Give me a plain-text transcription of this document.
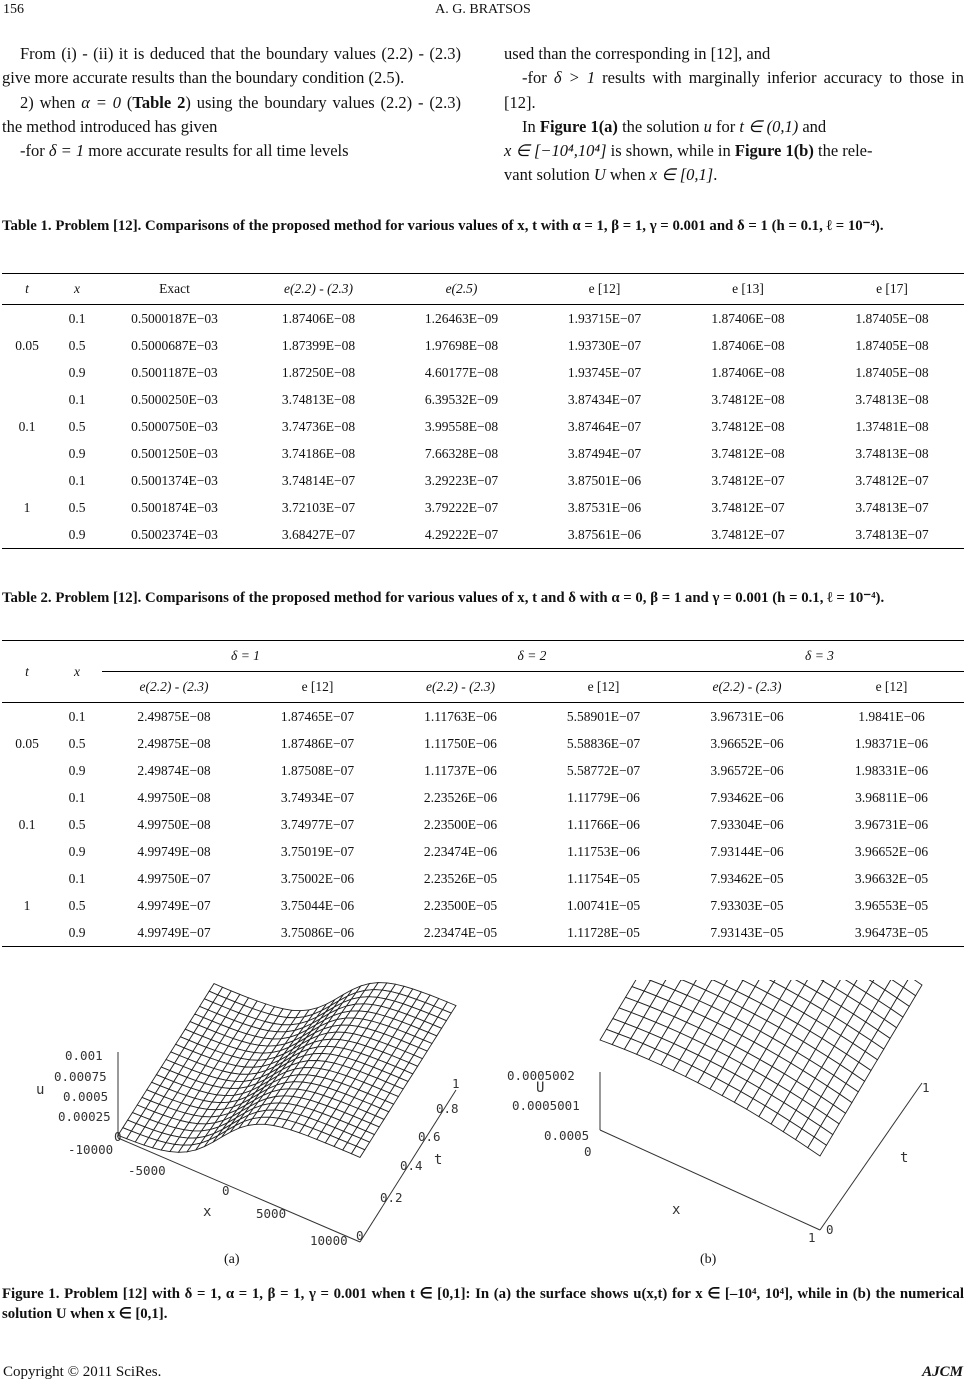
156	A. G. BRATSOS

From (i) - (ii) it is deduced that the boundary values (2.2) - (2.3) give more accurate results than the boundary condition (2.5).

2) when α = 0 (Table 2) using the boundary values (2.2) - (2.3) the method introduced has given

-for δ = 1 more accurate results for all time levels

used than the corresponding in [12], and

-for δ > 1 results with marginally inferior accuracy to those in [12].

In Figure 1(a) the solution u for t ∈ (0,1) and
x ∈ [−10⁴,10⁴] is shown, while in Figure 1(b) the rele-
vant solution U when x ∈ [0,1].

Table 1. Problem [12]. Comparisons of the proposed method for various values of x, t with α = 1, β = 1, γ = 0.001 and δ = 1 (h = 0.1, ℓ = 10⁻⁴).
t	x	Exact	e(2.2) - (2.3)	e(2.5)	e [12]	e [13]	e [17]
	0.1	0.5000187E−03	1.87406E−08	1.26463E−09	1.93715E−07	1.87406E−08	1.87405E−08
0.05	0.5	0.5000687E−03	1.87399E−08	1.97698E−08	1.93730E−07	1.87406E−08	1.87405E−08
	0.9	0.5001187E−03	1.87250E−08	4.60177E−08	1.93745E−07	1.87406E−08	1.87405E−08
	0.1	0.5000250E−03	3.74813E−08	6.39532E−09	3.87434E−07	3.74812E−08	3.74813E−08
0.1	0.5	0.5000750E−03	3.74736E−08	3.99558E−08	3.87464E−07	3.74812E−08	1.37481E−08
	0.9	0.5001250E−03	3.74186E−08	7.66328E−08	3.87494E−07	3.74812E−08	3.74813E−08
	0.1	0.5001374E−03	3.74814E−07	3.29223E−07	3.87501E−06	3.74812E−07	3.74812E−07
1	0.5	0.5001874E−03	3.72103E−07	3.79222E−07	3.87531E−06	3.74812E−07	3.74813E−07
	0.9	0.5002374E−03	3.68427E−07	4.29222E−07	3.87561E−06	3.74812E−07	3.74813E−07
Table 2. Problem [12]. Comparisons of the proposed method for various values of x, t and δ with α = 0, β = 1 and γ = 0.001 (h = 0.1, ℓ = 10⁻⁴).
t	x	δ = 1		δ = 2		δ = 3	
		e(2.2) - (2.3)	e [12]	e(2.2) - (2.3)	e [12]	e(2.2) - (2.3)	e [12]
	0.1	2.49875E−08	1.87465E−07	1.11763E−06	5.58901E−07	3.96731E−06	1.9841E−06
0.05	0.5	2.49875E−08	1.87486E−07	1.11750E−06	5.58836E−07	3.96652E−06	1.98371E−06
	0.9	2.49874E−08	1.87508E−07	1.11737E−06	5.58772E−07	3.96572E−06	1.98331E−06
	0.1	4.99750E−08	3.74934E−07	2.23526E−06	1.11779E−06	7.93462E−06	3.96811E−06
0.1	0.5	4.99750E−08	3.74977E−07	2.23500E−06	1.11766E−06	7.93304E−06	3.96731E−06
	0.9	4.99749E−08	3.75019E−07	2.23474E−06	1.11753E−06	7.93144E−06	3.96652E−06
	0.1	4.99750E−07	3.75002E−06	2.23526E−05	1.11754E−05	7.93462E−05	3.96632E−05
1	0.5	4.99749E−07	3.75044E−06	2.23500E−05	1.00741E−05	7.93303E−05	3.96553E−05
	0.9	4.99749E−07	3.75086E−06	2.23474E−05	1.11728E−05	7.93143E−05	3.96473E−05
0.001
0.00075
0.0005
0.00025
0
u
-10000
-5000
0
5000
10000
x
1
0.8
0.6
0.4
0.2
0
t
(a)
0.0005002
0.0005001
0.0005
U
0
1
x
1
0
t
(b)
Figure 1. Problem [12] with δ = 1, α = 1, β = 1, γ = 0.001 when t ∈ [0,1]: In (a) the surface shows u(x,t) for x ∈ [–10⁴, 10⁴], while in (b) the numerical solution U when x ∈ [0,1].
Copyright © 2011 SciRes.	AJCM
